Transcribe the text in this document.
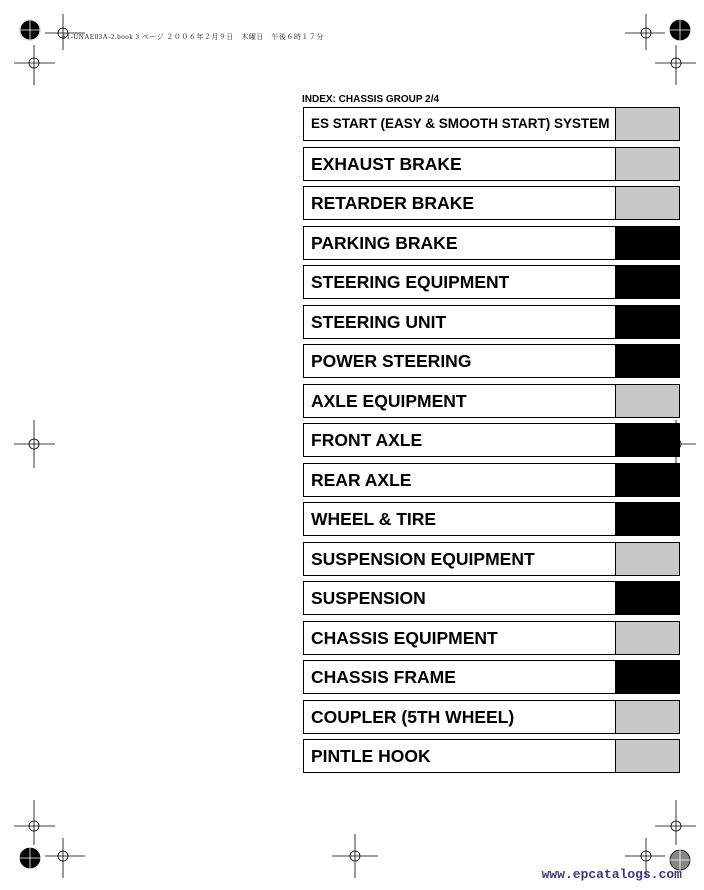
S1-UNAE03A-2.book 3 ページ ２００６年２月９日　木曜日　午後６時１７分
INDEX: CHASSIS GROUP 2/4
ES START (EASY & SMOOTH START) SYSTEM
EXHAUST BRAKE
RETARDER BRAKE
PARKING BRAKE
STEERING EQUIPMENT
STEERING UNIT
POWER STEERING
AXLE EQUIPMENT
FRONT AXLE
REAR AXLE
WHEEL & TIRE
SUSPENSION EQUIPMENT
SUSPENSION
CHASSIS EQUIPMENT
CHASSIS FRAME
COUPLER (5TH WHEEL)
PINTLE HOOK
www.epcatalogs.com
